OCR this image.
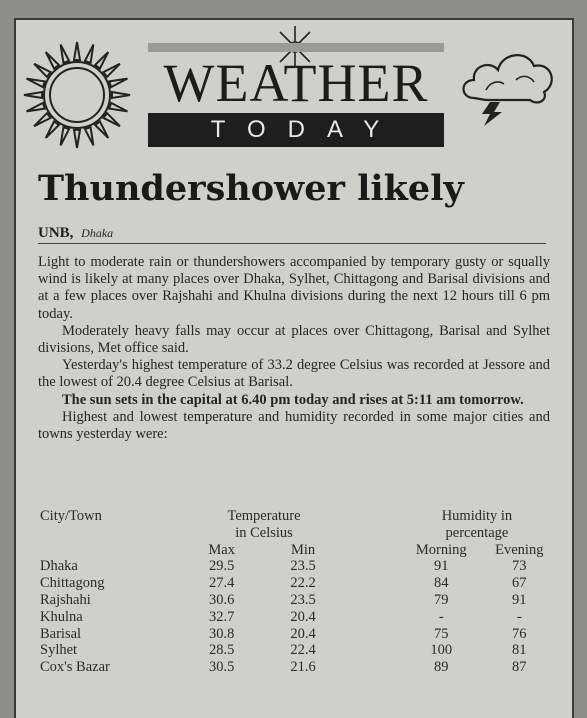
WEATHER
TODAY
Thundershower likely
UNB, Dhaka

Light to moderate rain or thundershowers accompanied by temporary gusty or squally wind is likely at many places over Dhaka, Sylhet, Chittagong and Barisal divisions and at a few places over Rajshahi and Khulna divisions during the next 12 hours till 6 pm today.

Moderately heavy falls may occur at places over Chittagong, Barisal and Sylhet divisions, Met office said.

Yesterday's highest temperature of 33.2 degree Celsius was recorded at Jessore and the lowest of 20.4 degree Celsius at Barisal.

The sun sets in the capital at 6.40 pm today and rises at 5:11 am tomorrow.

Highest and lowest temperature and humidity recorded in some major cities and towns yesterday were:

City/Town	Temperature			Humidity in	
	in Celsius			percentage	
	Max	Min		Morning	Evening
Dhaka	29.5	23.5		91	73
Chittagong	27.4	22.2		84	67
Rajshahi	30.6	23.5		79	91
Khulna	32.7	20.4		-	-
Barisal	30.8	20.4		75	76
Sylhet	28.5	22.4		100	81
Cox's Bazar	30.5	21.6		89	87
